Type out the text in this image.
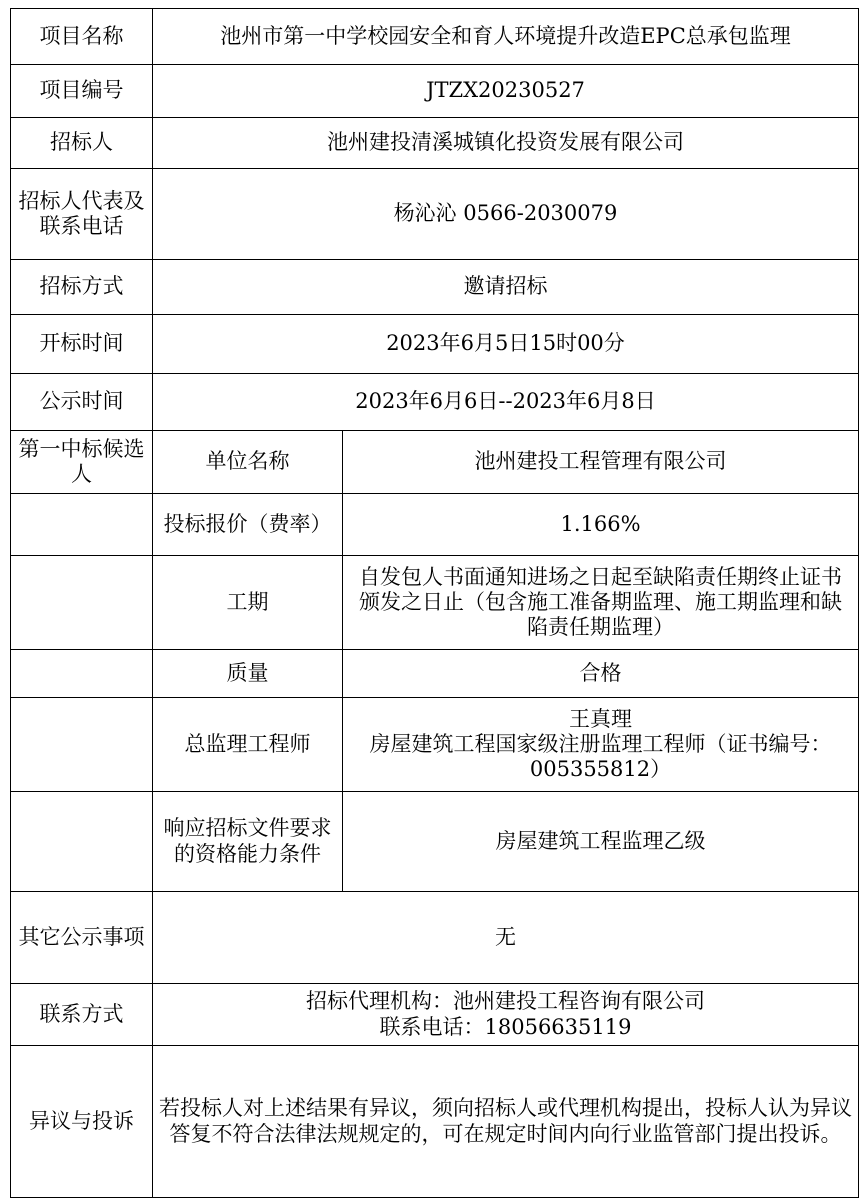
项目名称	池州市第一中学校园安全和育人环境提升改造EPC总承包监理	
项目编号	JTZX20230527	
招标人	池州建投清溪城镇化投资发展有限公司	
招标人代表及联系电话	杨沁沁 0566-2030079	
招标方式	邀请招标	
开标时间	2023年6月5日15时00分	
公示时间	2023年6月6日--2023年6月8日	
第一中标候选人	单位名称	池州建投工程管理有限公司
	投标报价（费率）	1.166%
	工期	自发包人书面通知进场之日起至缺陷责任期终止证书颁发之日止（包含施工准备期监理、施工期监理和缺陷责任期监理）
	质量	合格
	总监理工程师	王真理
房屋建筑工程国家级注册监理工程师（证书编号：005355812）

	响应招标文件要求的资格能力条件	房屋建筑工程监理乙级
其它公示事项	无	
联系方式	招标代理机构：池州建投工程咨询有限公司
联系电话：18056635119	

异议与投诉	若投标人对上述结果有异议，须向招标人或代理机构提出，投标人认为异议答复不符合法律法规规定的，可在规定时间内向行业监管部门提出投诉。	
